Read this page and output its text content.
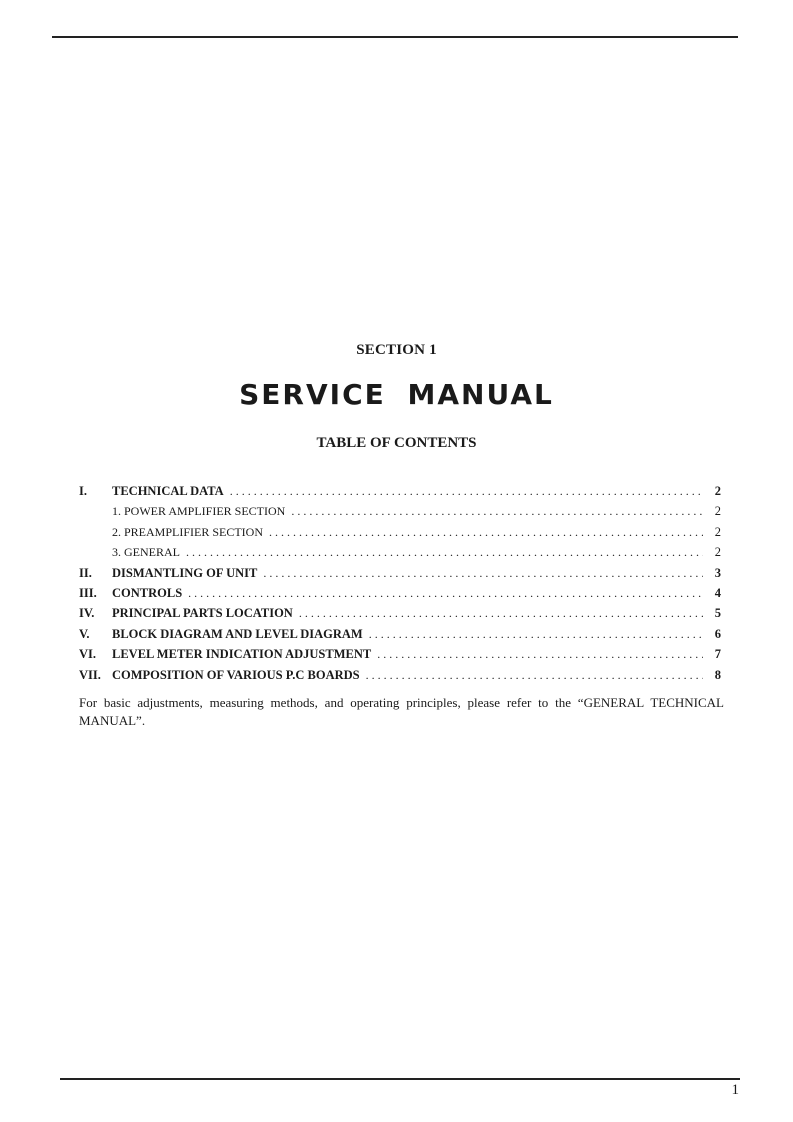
SECTION 1
SERVICE MANUAL
TABLE OF CONTENTS
I.	TECHNICAL DATA . . .	2
1. POWER AMPLIFIER SECTION . . .	2
2. PREAMPLIFIER SECTION . . .	2
3. GENERAL . . .	2
II.	DISMANTLING OF UNIT . . .	3
III.	CONTROLS . . .	4
IV.	PRINCIPAL PARTS LOCATION . . .	5
V.	BLOCK DIAGRAM AND LEVEL DIAGRAM . . .	6
VI.	LEVEL METER INDICATION ADJUSTMENT . . .	7
VII. COMPOSITION OF VARIOUS P.C BOARDS . . .	8
For basic adjustments, measuring methods, and operating principles, please refer to the “GENERAL TECHNICAL MANUAL”.
1
